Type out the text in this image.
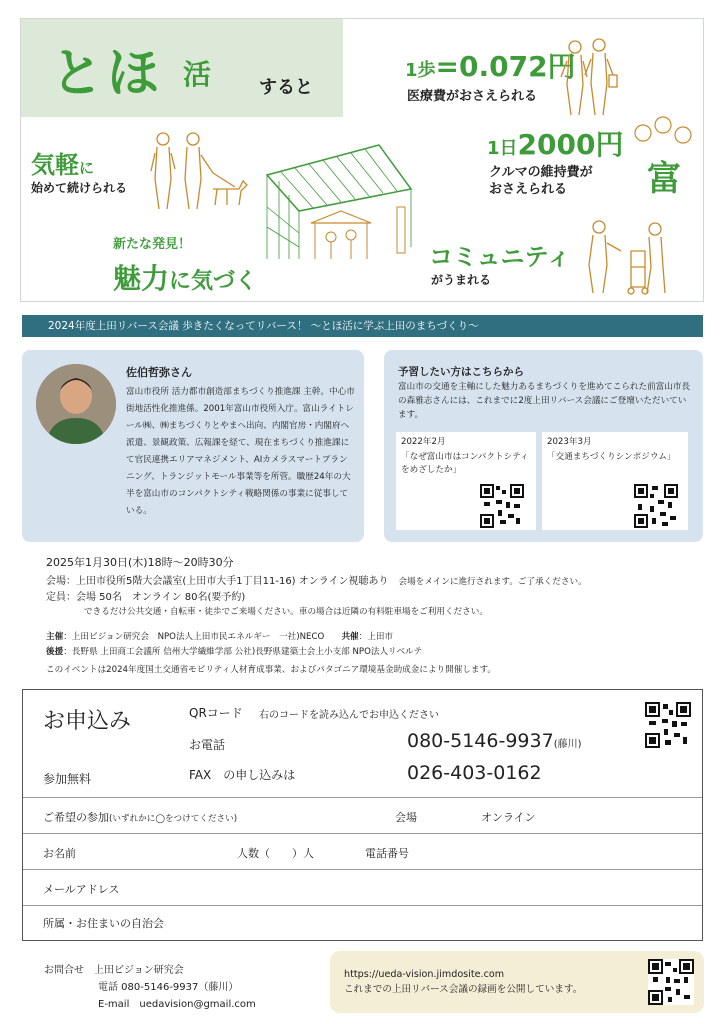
とほ 活	すると
1歩=0.072円
医療費がおさえられる
1日2000円
クルマの維持費が
おさえられる
気軽に
始めて続けられる
新たな発見！
魅力に気づく
コミュニティ
がうまれる
富
2024年度上田リバース会議 歩きたくなってリバース！ 〜とほ活に学ぶ上田のまちづくり〜
佐伯哲弥さん
富山市役所 活力都市創造部まちづくり推進課 主幹。中心市街地活性化推進係。2001年富山市役所入庁。富山ライトレール㈱、㈱まちづくりとやまへ出向、内閣官房・内閣府へ派遣、景観政策、広報課を経て、現在まちづくり推進課にて官民連携エリアマネジメント、AIカメラスマートプランニング、トランジットモール事業等を所管。職歴24年の大半を富山市のコンパクトシティ戦略関係の事業に従事している。
予習したい方はこちらから
富山市の交通を主軸にした魅力あるまちづくりを進めてこられた前富山市長の森雅志さんには、これまでに2度上田リバース会議にご登壇いただいています。
2022年2月
「なぜ富山市はコンパクトシティをめざしたか」
2023年3月
「交通まちづくりシンポジウム」
2025年1月30日(木)18時〜20時30分
会場：上田市役所5階大会議室(上田市大手1丁目11-16) オンライン視聴あり　 会場をメインに進行されます。ご了承ください。
定員：会場 50名　オンライン 80名(要予約)
できるだけ公共交通・自転車・徒歩でご来場ください。車の場合は近隣の有料駐車場をご利用ください。
主催：上田ビジョン研究会　NPO法人上田市民エネルギー　一社)NECO　　 共催：上田市
後援：長野県 上田商工会議所 信州大学繊維学部 公社)長野県建築士会上小支部 NPO法人リベルテ
このイベントは2024年度国土交通省モビリティ人材育成事業、およびパタゴニア環境基金助成金により開催します。
お申込み
参加無料
QRコード 右のコードを読み込んでお申込ください
お電話	080-5146-9937(藤川)
FAX　の申し込みは	026-403-0162
ご希望の参加(いずれかに◯をつけてください)	会場	オンライン
お名前	人数（　　）人	電話番号
メールアドレス
所属・お住まいの自治会
お問合せ　 上田ビジョン研究会
電話 080-5146-9937（藤川）
E-mail　uedavision@gmail.com
https://ueda-vision.jimdosite.com
これまでの上田リバース会議の録画を公開しています。
